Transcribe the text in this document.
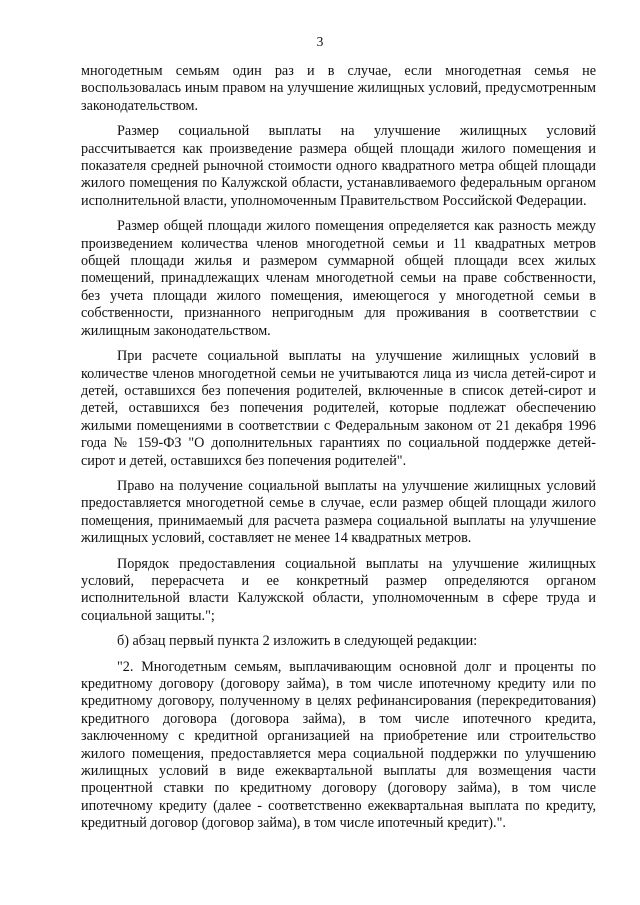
3

многодетным семьям один раз и в случае, если многодетная семья не воспользовалась иным правом на улучшение жилищных условий, предусмотренным законодательством.

Размер социальной выплаты на улучшение жилищных условий рассчитывается как произведение размера общей площади жилого помещения и показателя средней рыночной стоимости одного квадратного метра общей площади жилого помещения по Калужской области, устанавливаемого федеральным органом исполнительной власти, уполномоченным Правительством Российской Федерации.

Размер общей площади жилого помещения определяется как разность между произведением количества членов многодетной семьи и 11 квадратных метров общей площади жилья и размером суммарной общей площади всех жилых помещений, принадлежащих членам многодетной семьи на праве собственности, без учета площади жилого помещения, имеющегося у многодетной семьи в собственности, признанного непригодным для проживания в соответствии с жилищным законодательством.

При расчете социальной выплаты на улучшение жилищных условий в количестве членов многодетной семьи не учитываются лица из числа детей-сирот и детей, оставшихся без попечения родителей, включенные в список детей-сирот и детей, оставшихся без попечения родителей, которые подлежат обеспечению жилыми помещениями в соответствии с Федеральным законом от 21 декабря 1996 года № 159-ФЗ "О дополнительных гарантиях по социальной поддержке детей-сирот и детей, оставшихся без попечения родителей".

Право на получение социальной выплаты на улучшение жилищных условий предоставляется многодетной семье в случае, если размер общей площади жилого помещения, принимаемый для расчета размера социальной выплаты на улучшение жилищных условий, составляет не менее 14 квадратных метров.

Порядок предоставления социальной выплаты на улучшение жилищных условий, перерасчета и ее конкретный размер определяются органом исполнительной власти Калужской области, уполномоченным в сфере труда и социальной защиты.";

б) абзац первый пункта 2 изложить в следующей редакции:

"2. Многодетным семьям, выплачивающим основной долг и проценты по кредитному договору (договору займа), в том числе ипотечному кредиту или по кредитному договору, полученному в целях рефинансирования (перекредитования) кредитного договора (договора займа), в том числе ипотечного кредита, заключенному с кредитной организацией на приобретение или строительство жилого помещения, предоставляется мера социальной поддержки по улучшению жилищных условий в виде ежеквартальной выплаты для возмещения части процентной ставки по кредитному договору (договору займа), в том числе ипотечному кредиту (далее - соответственно ежеквартальная выплата по кредиту, кредитный договор (договор займа), в том числе ипотечный кредит).".
